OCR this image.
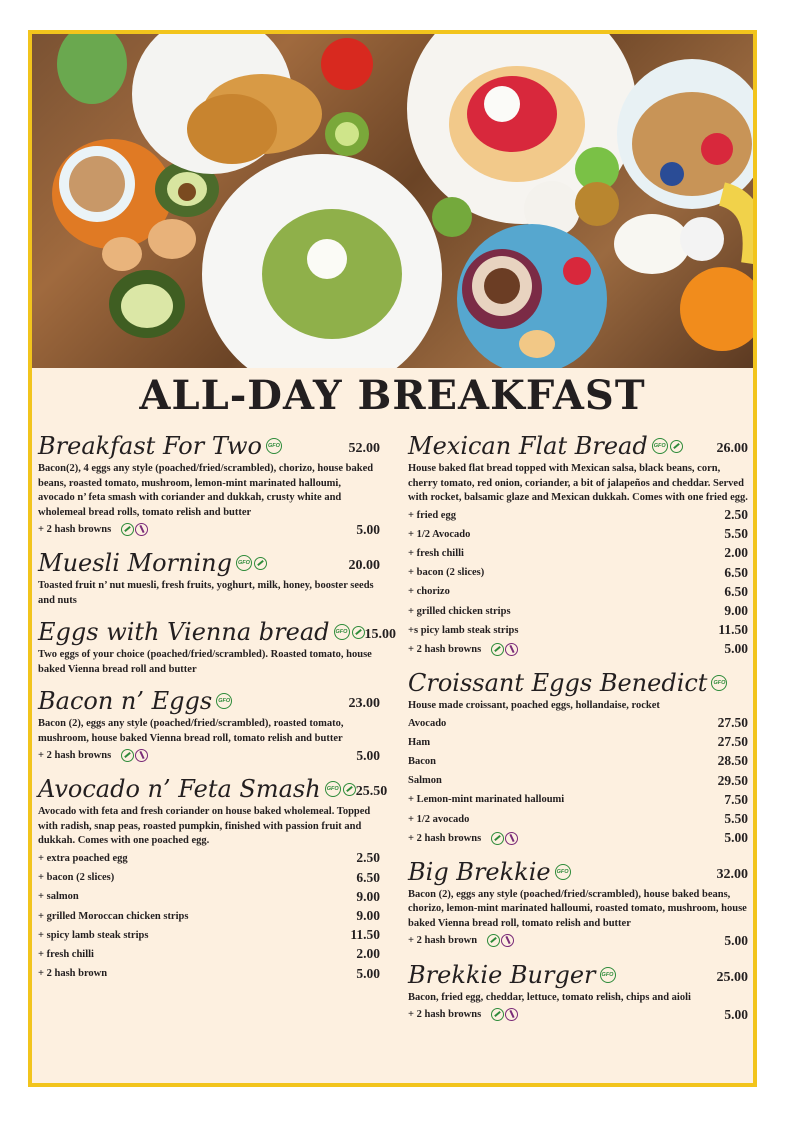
ALL-DAY BREAKFAST
Breakfast For Two	GFO	52.00
Bacon(2), 4 eggs any style (poached/fried/scrambled), chorizo, house baked beans, roasted tomato, mushroom, lemon-mint marinated halloumi, avocado n’ feta smash with coriander and dukkah, crusty white and wholemeal bread rolls, tomato relish and butter
+ 2 hash browns	5.00
Muesli Morning	GFO	20.00
Toasted fruit n’ nut muesli, fresh fruits, yoghurt, milk, honey, booster seeds and nuts
Eggs with Vienna bread	GFO 15.00
Two eggs of your choice (poached/fried/scrambled). Roasted tomato, house baked Vienna bread roll and butter
Bacon n’ Eggs	GFO	23.00
Bacon (2), eggs any style (poached/fried/scrambled), roasted tomato, mushroom, house baked Vienna bread roll, tomato relish and butter
+ 2 hash browns	5.00
Avocado n’ Feta Smash	GFO 25.50
Avocado with feta and fresh coriander on house baked wholemeal. Topped with radish, snap peas, roasted pumpkin, finished with passion fruit and dukkah. Comes with one poached egg.
+ extra poached egg	2.50
+ bacon (2 slices)	6.50
+ salmon	9.00
+ grilled Moroccan chicken strips	9.00
+ spicy lamb steak strips	11.50
+ fresh chilli	2.00
+ 2 hash brown	5.00
Mexican Flat Bread	GFO	26.00
House baked flat bread topped with Mexican salsa, black beans, corn, cherry tomato, red onion, coriander, a bit of jalapeños and cheddar. Served with rocket, balsamic glaze and Mexican dukkah. Comes with one fried egg.
+ fried egg	2.50
+ 1/2 Avocado	5.50
+ fresh chilli	2.00
+ bacon (2 slices)	6.50
+ chorizo	6.50
+ grilled chicken strips	9.00
+s picy lamb steak strips	11.50
+ 2 hash browns	5.00
Croissant Eggs Benedict	GFO
House made croissant, poached eggs, hollandaise, rocket
Avocado	27.50
Ham	27.50
Bacon	28.50
Salmon	29.50
+ Lemon-mint marinated halloumi	7.50
+ 1/2 avocado	5.50
+ 2 hash browns	5.00
Big Brekkie	GFO	32.00
Bacon (2), eggs any style (poached/fried/scrambled), house baked beans, chorizo, lemon-mint marinated halloumi, roasted tomato, mushroom, house baked Vienna bread roll, tomato relish and butter
+ 2 hash brown	5.00
Brekkie Burger	GFO	25.00
Bacon, fried egg, cheddar, lettuce, tomato relish, chips and aioli
+ 2 hash browns	5.00
